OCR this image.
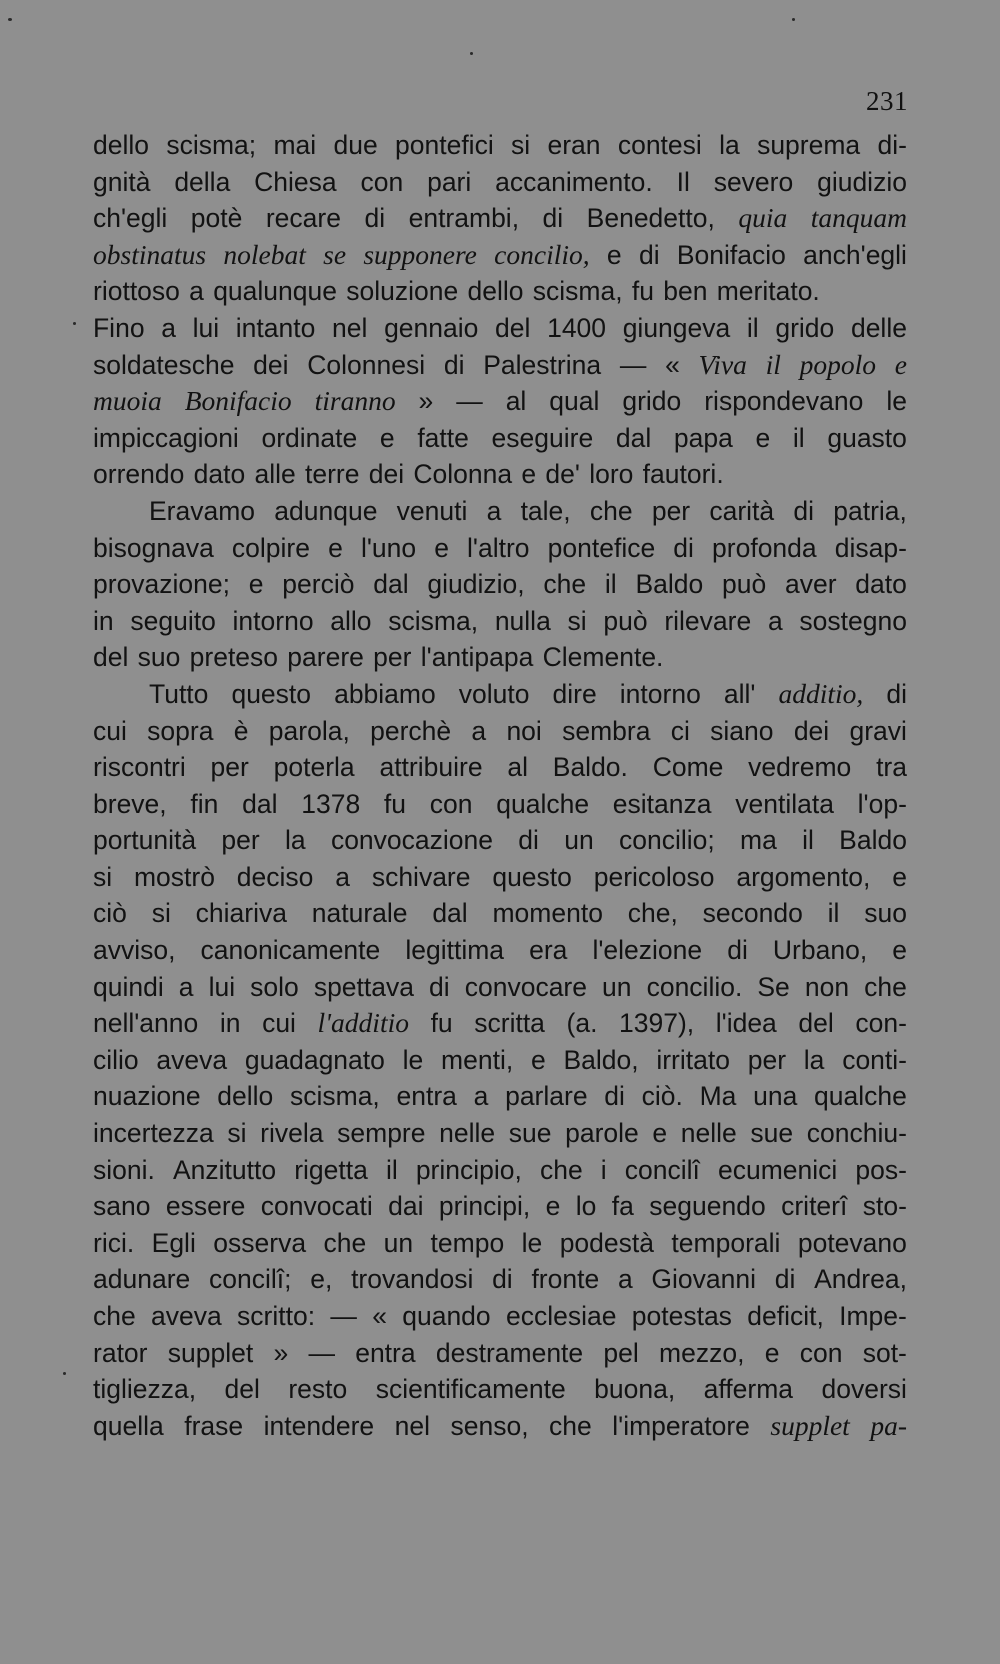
231
dello scisma; mai due pontefici si eran contesi la suprema di-
gnità della Chiesa con pari accanimento. Il severo giudizio
ch'egli potè recare di entrambi, di Benedetto, quia tanquam
obstinatus nolebat se supponere concilio, e di Bonifacio anch'egli
riottoso a qualunque soluzione dello scisma, fu ben meritato.
Fino a lui intanto nel gennaio del 1400 giungeva il grido delle
soldatesche dei Colonnesi di Palestrina — « Viva il popolo e
muoia Bonifacio tiranno » — al qual grido rispondevano le
impiccagioni ordinate e fatte eseguire dal papa e il guasto
orrendo dato alle terre dei Colonna e de' loro fautori.
Eravamo adunque venuti a tale, che per carità di patria,
bisognava colpire e l'uno e l'altro pontefice di profonda disap-
provazione; e perciò dal giudizio, che il Baldo può aver dato
in seguito intorno allo scisma, nulla si può rilevare a sostegno
del suo preteso parere per l'antipapa Clemente.
Tutto questo abbiamo voluto dire intorno all' additio, di
cui sopra è parola, perchè a noi sembra ci siano dei gravi
riscontri per poterla attribuire al Baldo. Come vedremo tra
breve, fin dal 1378 fu con qualche esitanza ventilata l'op-
portunità per la convocazione di un concilio; ma il Baldo
si mostrò deciso a schivare questo pericoloso argomento, e
ciò si chiariva naturale dal momento che, secondo il suo
avviso, canonicamente legittima era l'elezione di Urbano, e
quindi a lui solo spettava di convocare un concilio. Se non che
nell'anno in cui l'additio fu scritta (a. 1397), l'idea del con-
cilio aveva guadagnato le menti, e Baldo, irritato per la conti-
nuazione dello scisma, entra a parlare di ciò. Ma una qualche
incertezza si rivela sempre nelle sue parole e nelle sue conchiu-
sioni. Anzitutto rigetta il principio, che i concilî ecumenici pos-
sano essere convocati dai principi, e lo fa seguendo criterî sto-
rici. Egli osserva che un tempo le podestà temporali potevano
adunare concilî; e, trovandosi di fronte a Giovanni di Andrea,
che aveva scritto: — « quando ecclesiae potestas deficit, Impe-
rator supplet » — entra destramente pel mezzo, e con sot-
tigliezza, del resto scientificamente buona, afferma doversi
quella frase intendere nel senso, che l'imperatore supplet pa-
